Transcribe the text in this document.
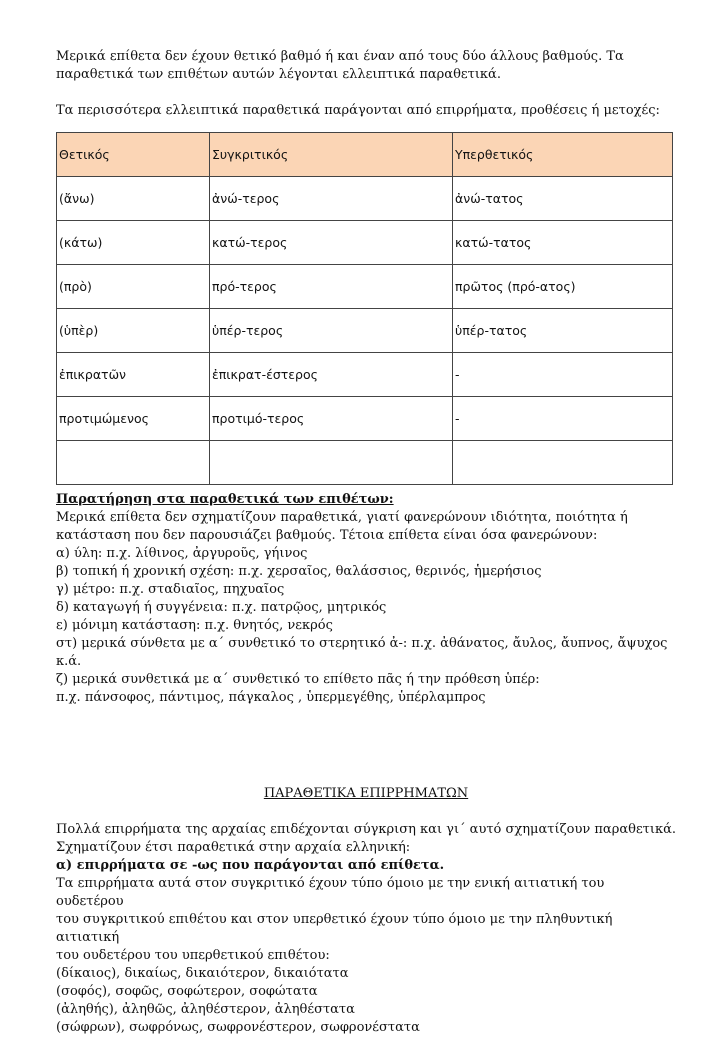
Μερικά επίθετα δεν έχουν θετικό βαθμό ή και έναν από τους δύο άλλους βαθμούς. Τα παραθετικά των επιθέτων αυτών λέγονται ελλειπτικά παραθετικά.

Τα περισσότερα ελλειπτικά παραθετικά παράγονται από επιρρήματα, προθέσεις ή μετοχές:

Θετικός	Συγκριτικός	Υπερθετικός
(ἄνω)	ἀνώ-τερος	ἀνώ-τατος
(κάτω)	κατώ-τερος	κατώ-τατος
(πρὸ)	πρό-τερος	πρῶτος (πρό-ατος)
(ὑπὲρ)	ὑπέρ-τερος	ὑπέρ-τατος
ἐπικρατῶν	ἐπικρατ-έστερος	-
προτιμώμενος	προτιμό-τερος	-

Παρατήρηση στα παραθετικά των επιθέτων:

Μερικά επίθετα δεν σχηματίζουν παραθετικά, γιατί φανερώνουν ιδιότητα, ποιότητα ή

κατάσταση που δεν παρουσιάζει βαθμούς. Τέτοια επίθετα είναι όσα φανερώνουν:

α) ύλη: π.χ. λίθινος, ἀργυροῦς, γήινος

β) τοπική ή χρονική σχέση: π.χ. χερσαῖος, θαλάσσιος, θερινός, ἡμερήσιος

γ) μέτρο: π.χ. σταδιαῖος, πηχυαῖος

δ) καταγωγή ή συγγένεια: π.χ. πατρῷος, μητρικός

ε) μόνιμη κατάσταση: π.χ. θνητός, νεκρός

στ) μερικά σύνθετα με α΄ συνθετικό το στερητικό ἀ-: π.χ. ἀθάνατος, ἄυλος, ἄυπνος, ἄψυχος κ.ά.

ζ) μερικά συνθετικά με α΄ συνθετικό το επίθετο πᾶς ή την πρόθεση ὑπέρ:

π.χ. πάνσοφος, πάντιμος, πάγκαλος , ὑπερμεγέθης, ὑπέρλαμπρος

ΠΑΡΑΘΕΤΙΚΑ ΕΠΙΡΡΗΜΑΤΩΝ

Πολλά επιρρήματα της αρχαίας επιδέχονται σύγκριση και γι΄ αυτό σχηματίζουν παραθετικά.

Σχηματίζουν έτσι παραθετικά στην αρχαία ελληνική:

α) επιρρήματα σε -ως που παράγονται από επίθετα.

Τα επιρρήματα αυτά στον συγκριτικό έχουν τύπο όμοιο με την ενική αιτιατική του ουδετέρου

του συγκριτικού επιθέτου και στον υπερθετικό έχουν τύπο όμοιο με την πληθυντική αιτιατική

του ουδετέρου του υπερθετικού επιθέτου:

(δίκαιος), δικαίως, δικαιότερον, δικαιότατα

(σοφός), σοφῶς, σοφώτερον, σοφώτατα

(ἀληθής), ἀληθῶς, ἀληθέστερον, ἀληθέστατα

(σώφρων), σωφρόνως, σωφρονέστερον, σωφρονέστατα
